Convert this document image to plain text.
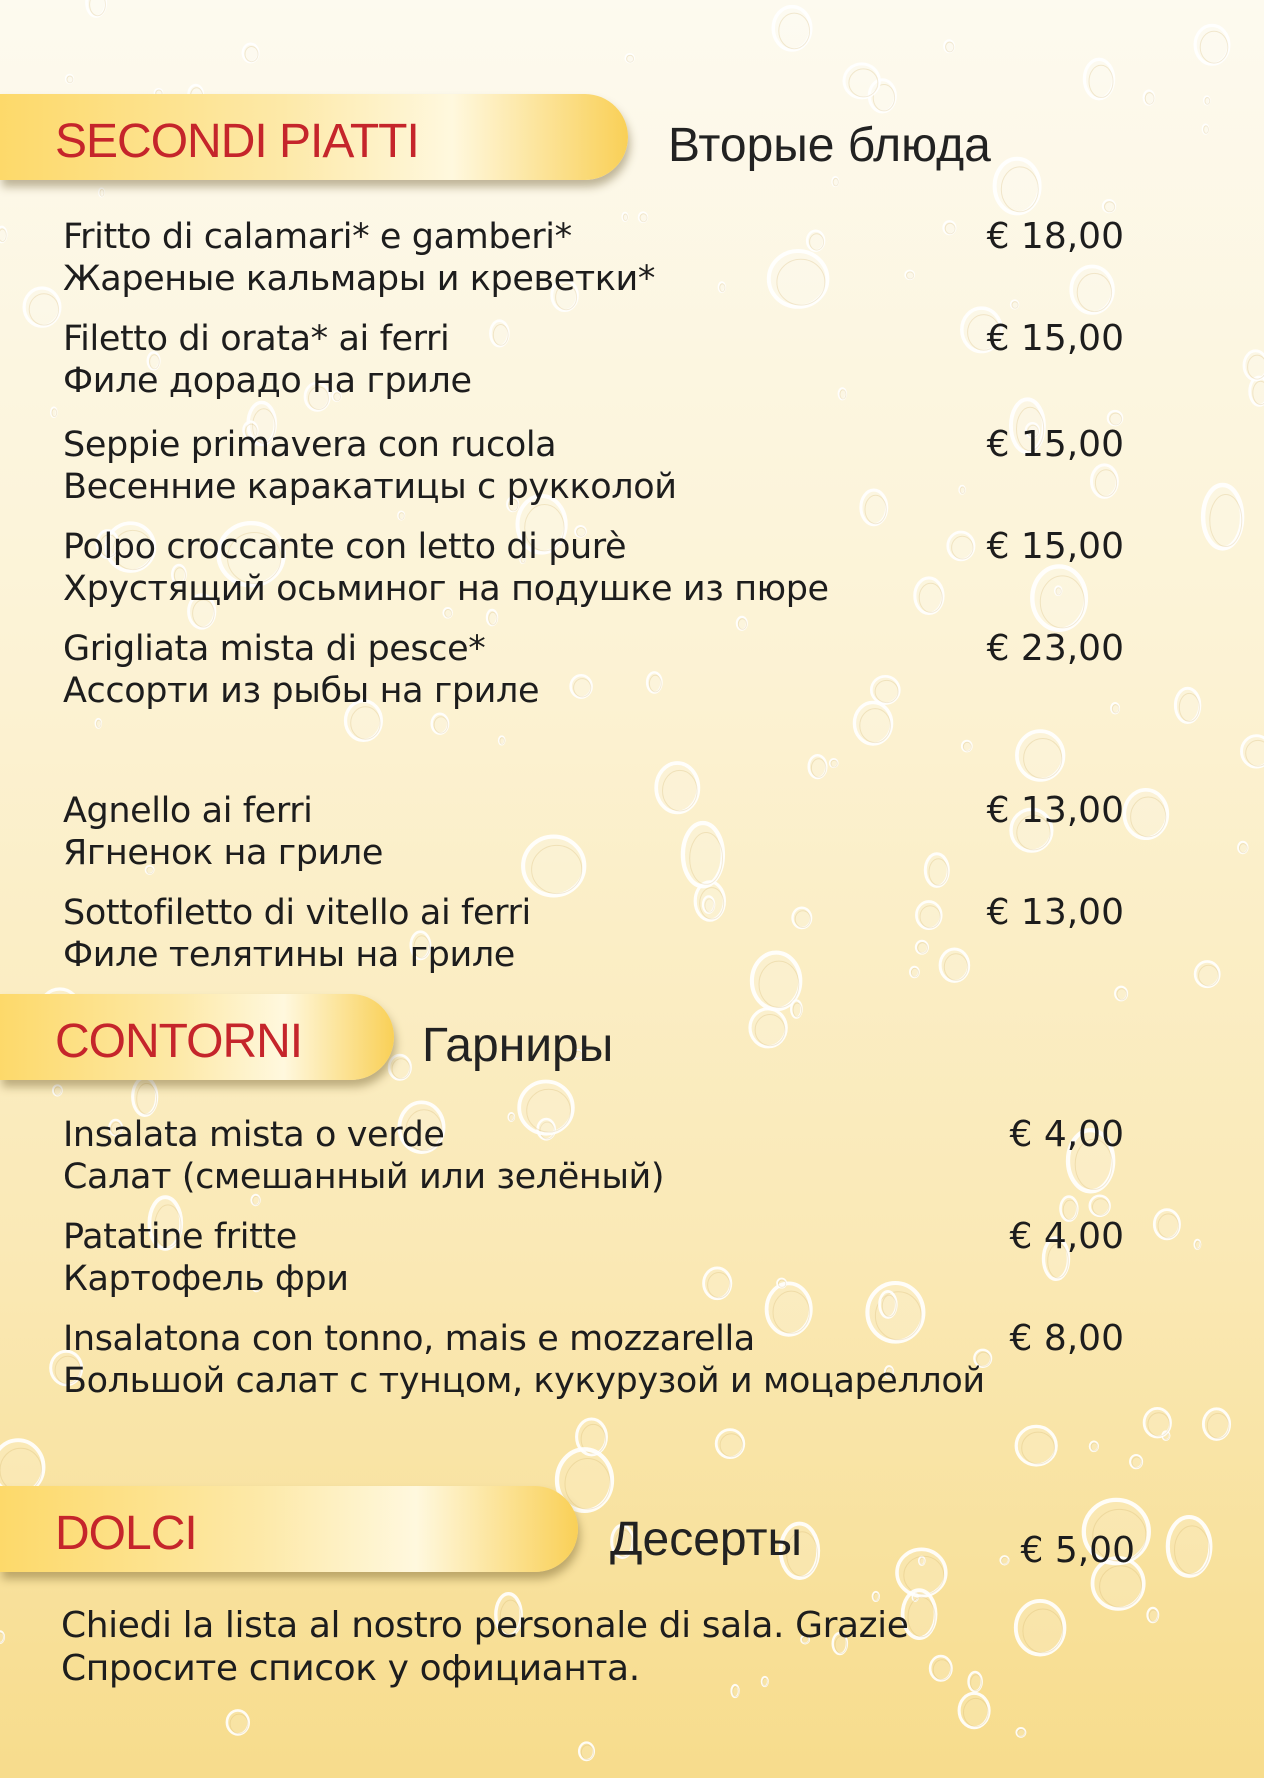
SECONDI PIATTI	Вторые блюда
Fritto di calamari* e gamberi*
Жареные кальмары и креветки*
€ 18,00
Filetto di orata* ai ferri
Филе дорадо на гриле
€ 15,00
Seppie primavera con rucola
Весенние каракатицы с рукколой
€ 15,00
Polpo croccante con letto di purè
Хрустящий осьминог на подушке из пюре
€ 15,00
Grigliata mista di pesce*
Ассорти из рыбы на гриле
€ 23,00
Agnello ai ferri
Ягненок на гриле
€ 13,00
Sottofiletto di vitello ai ferri
Филе телятины на гриле
€ 13,00
CONTORNI Гарниры
Insalata mista o verde
Салат (смешанный или зелёный)
€ 4,00
Patatine fritte
Картофель фри
€ 4,00
Insalatona con tonno, mais e mozzarella
Большой салат с тунцом, кукурузой и моцареллой
€ 8,00
DOLCI	Десерты	€ 5,00
Chiedi la lista al nostro personale di sala. Grazie
Спросите список у официанта.
